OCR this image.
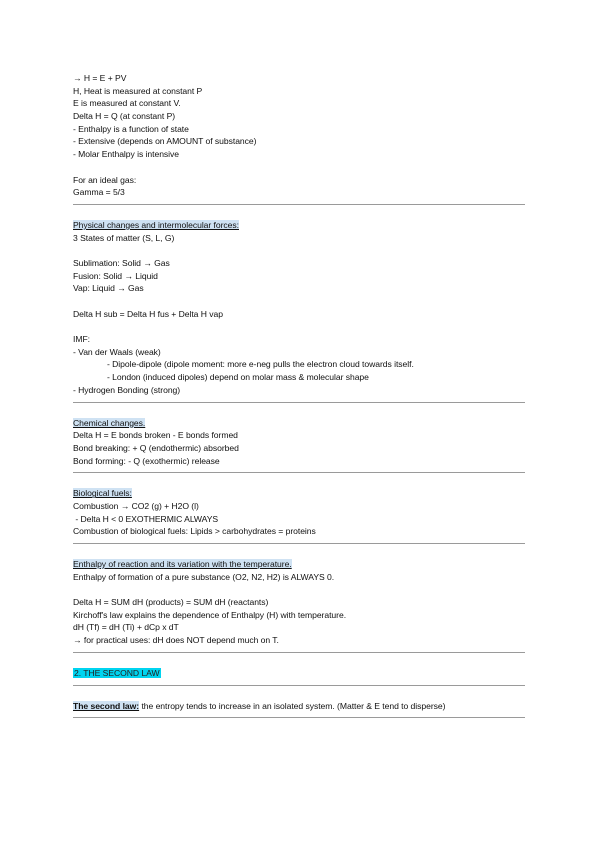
→ H = E + PV
H, Heat is measured at constant P
E is measured at constant V.
Delta H = Q (at constant P)
- Enthalpy is a function of state
- Extensive (depends on AMOUNT of substance)
- Molar Enthalpy is intensive
For an ideal gas:
Gamma = 5/3
Physical changes and intermolecular forces:
3 States of matter (S, L, G)
Sublimation: Solid → Gas
Fusion: Solid → Liquid
Vap: Liquid → Gas
Delta H sub = Delta H fus + Delta H vap
IMF:
- Van der Waals (weak)
- Dipole-dipole (dipole moment: more e-neg pulls the electron cloud towards itself.
- London (induced dipoles) depend on molar mass & molecular shape
- Hydrogen Bonding (strong)
Chemical changes.
Delta H = E bonds broken - E bonds formed
Bond breaking: + Q (endothermic) absorbed
Bond forming: - Q (exothermic) release
Biological fuels:
Combustion → CO2 (g) + H2O (l)
- Delta H < 0 EXOTHERMIC ALWAYS
Combustion of biological fuels: Lipids > carbohydrates = proteins
Enthalpy of reaction and its variation with the temperature.
Enthalpy of formation of a pure substance (O2, N2, H2) is ALWAYS 0.
Delta H = SUM dH (products) = SUM dH (reactants)
Kirchoff's law explains the dependence of Enthalpy (H) with temperature.
dH (Tf) = dH (Ti) + dCp x dT
→ for practical uses: dH does NOT depend much on T.
2. THE SECOND LAW
The second law: the entropy tends to increase in an isolated system. (Matter & E tend to disperse)
